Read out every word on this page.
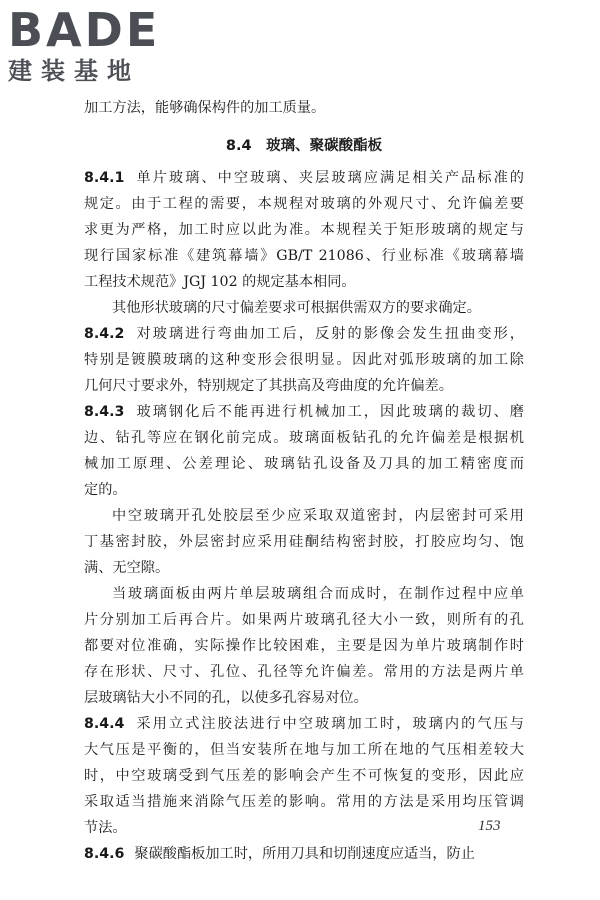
BADE
建装基地
加工方法，能够确保构件的加工质量。
8.4　玻璃、聚碳酸酯板
8.4.1 单片玻璃、中空玻璃、夹层玻璃应满足相关产品标准的
规定。由于工程的需要，本规程对玻璃的外观尺寸、允许偏差要
求更为严格，加工时应以此为准。本规程关于矩形玻璃的规定与
现行国家标准《建筑幕墙》GB/T 21086、行业标准《玻璃幕墙
工程技术规范》JGJ 102 的规定基本相同。
其他形状玻璃的尺寸偏差要求可根据供需双方的要求确定。
8.4.2 对玻璃进行弯曲加工后，反射的影像会发生扭曲变形，
特别是镀膜玻璃的这种变形会很明显。因此对弧形玻璃的加工除
几何尺寸要求外，特别规定了其拱高及弯曲度的允许偏差。
8.4.3 玻璃钢化后不能再进行机械加工，因此玻璃的裁切、磨
边、钻孔等应在钢化前完成。玻璃面板钻孔的允许偏差是根据机
械加工原理、公差理论、玻璃钻孔设备及刀具的加工精密度而
定的。
中空玻璃开孔处胶层至少应采取双道密封，内层密封可采用
丁基密封胶，外层密封应采用硅酮结构密封胶，打胶应均匀、饱
满、无空隙。
当玻璃面板由两片单层玻璃组合而成时，在制作过程中应单
片分别加工后再合片。如果两片玻璃孔径大小一致，则所有的孔
都要对位准确，实际操作比较困难，主要是因为单片玻璃制作时
存在形状、尺寸、孔位、孔径等允许偏差。常用的方法是两片单
层玻璃钻大小不同的孔，以使多孔容易对位。
8.4.4 采用立式注胶法进行中空玻璃加工时，玻璃内的气压与
大气压是平衡的，但当安装所在地与加工所在地的气压相差较大
时，中空玻璃受到气压差的影响会产生不可恢复的变形，因此应
采取适当措施来消除气压差的影响。常用的方法是采用均压管调
节法。
8.4.6 聚碳酸酯板加工时，所用刀具和切削速度应适当，防止
153
